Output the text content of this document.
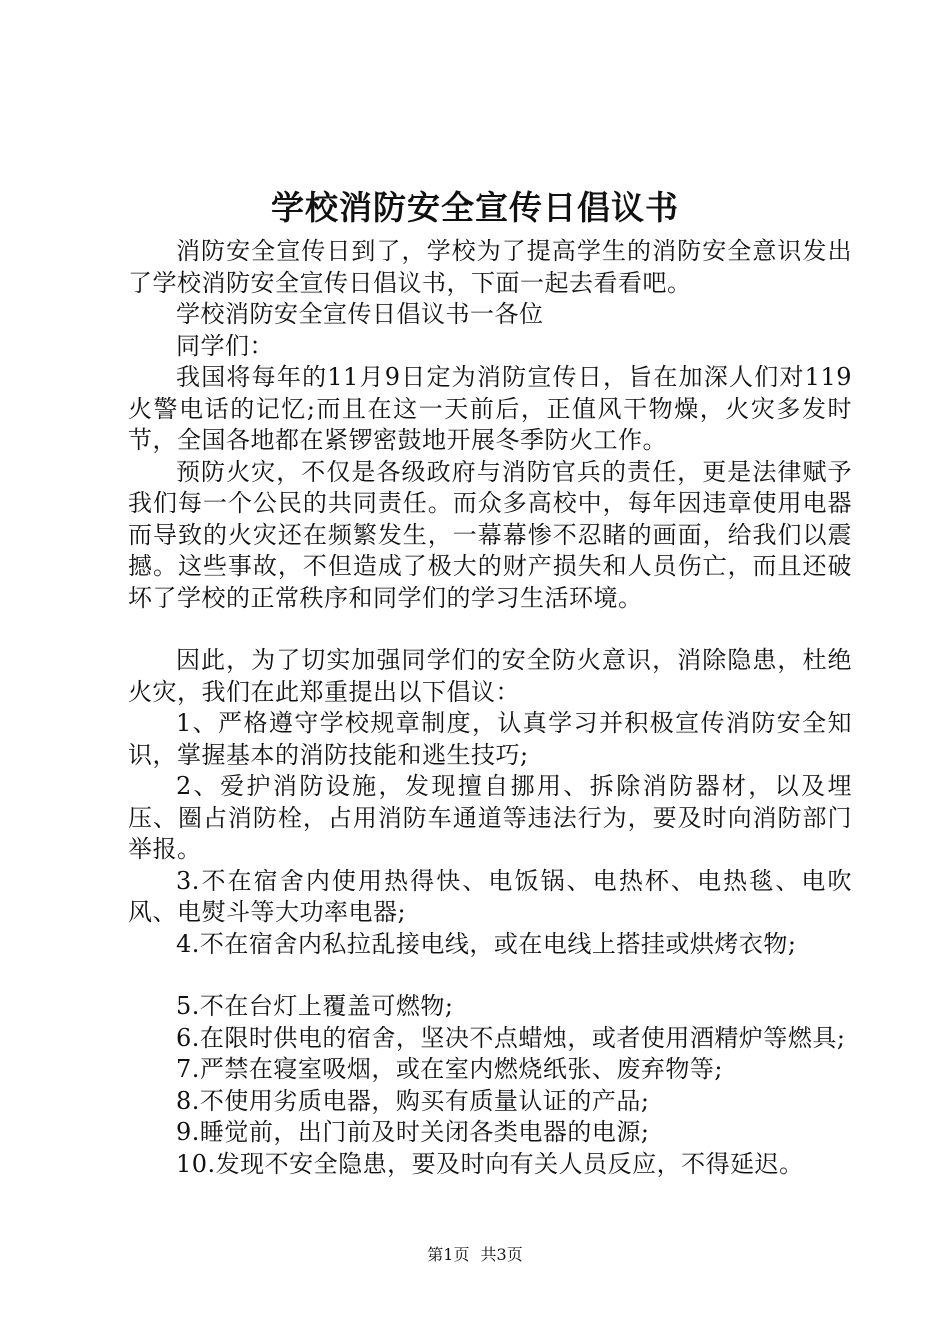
学校消防安全宣传日倡议书

消防安全宣传日到了，学校为了提高学生的消防安全意识发出了学校消防安全宣传日倡议书，下面一起去看看吧。

学校消防安全宣传日倡议书一各位

同学们：

我国将每年的11月9日定为消防宣传日，旨在加深人们对119火警电话的记忆;而且在这一天前后，正值风干物燥，火灾多发时节，全国各地都在紧锣密鼓地开展冬季防火工作。

预防火灾，不仅是各级政府与消防官兵的责任，更是法律赋予我们每一个公民的共同责任。而众多高校中，每年因违章使用电器而导致的火灾还在频繁发生，一幕幕惨不忍睹的画面，给我们以震撼。这些事故，不但造成了极大的财产损失和人员伤亡，而且还破坏了学校的正常秩序和同学们的学习生活环境。

因此，为了切实加强同学们的安全防火意识，消除隐患，杜绝火灾，我们在此郑重提出以下倡议：

1、严格遵守学校规章制度，认真学习并积极宣传消防安全知识，掌握基本的消防技能和逃生技巧;

2、爱护消防设施，发现擅自挪用、拆除消防器材，以及埋压、圈占消防栓，占用消防车通道等违法行为，要及时向消防部门举报。

3.不在宿舍内使用热得快、电饭锅、电热杯、电热毯、电吹风、电熨斗等大功率电器;

4.不在宿舍内私拉乱接电线，或在电线上搭挂或烘烤衣物;

5.不在台灯上覆盖可燃物;

6.在限时供电的宿舍，坚决不点蜡烛，或者使用酒精炉等燃具;

7.严禁在寝室吸烟，或在室内燃烧纸张、废弃物等;

8.不使用劣质电器，购买有质量认证的产品;

9.睡觉前，出门前及时关闭各类电器的电源;

10.发现不安全隐患，要及时向有关人员反应，不得延迟。

第1页 共3页
